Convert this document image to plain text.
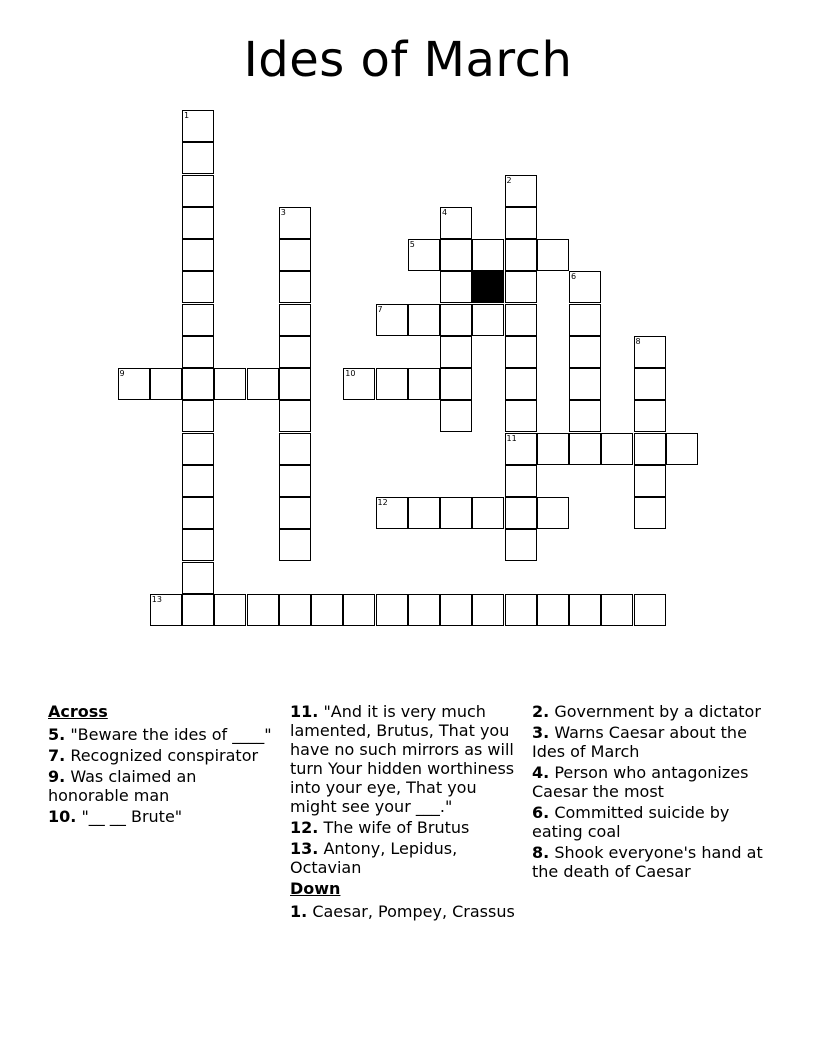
Ides of March
1
2
11
3	4
6
8
5
7
9	10
12
13
Across
5. "Beware the ides of ____"
7. Recognized conspirator
9. Was claimed an honorable man
10. "__ __ Brute"
11. "And it is very much lamented, Brutus, That you have no such mirrors as will turn Your hidden worthiness into your eye, That you might see your ___."
12. The wife of Brutus
13. Antony, Lepidus, Octavian
Down
1. Caesar, Pompey, Crassus
2. Government by a dictator
3. Warns Caesar about the Ides of March
4. Person who antagonizes Caesar the most
6. Committed suicide by eating coal
8. Shook everyone's hand at the death of Caesar
